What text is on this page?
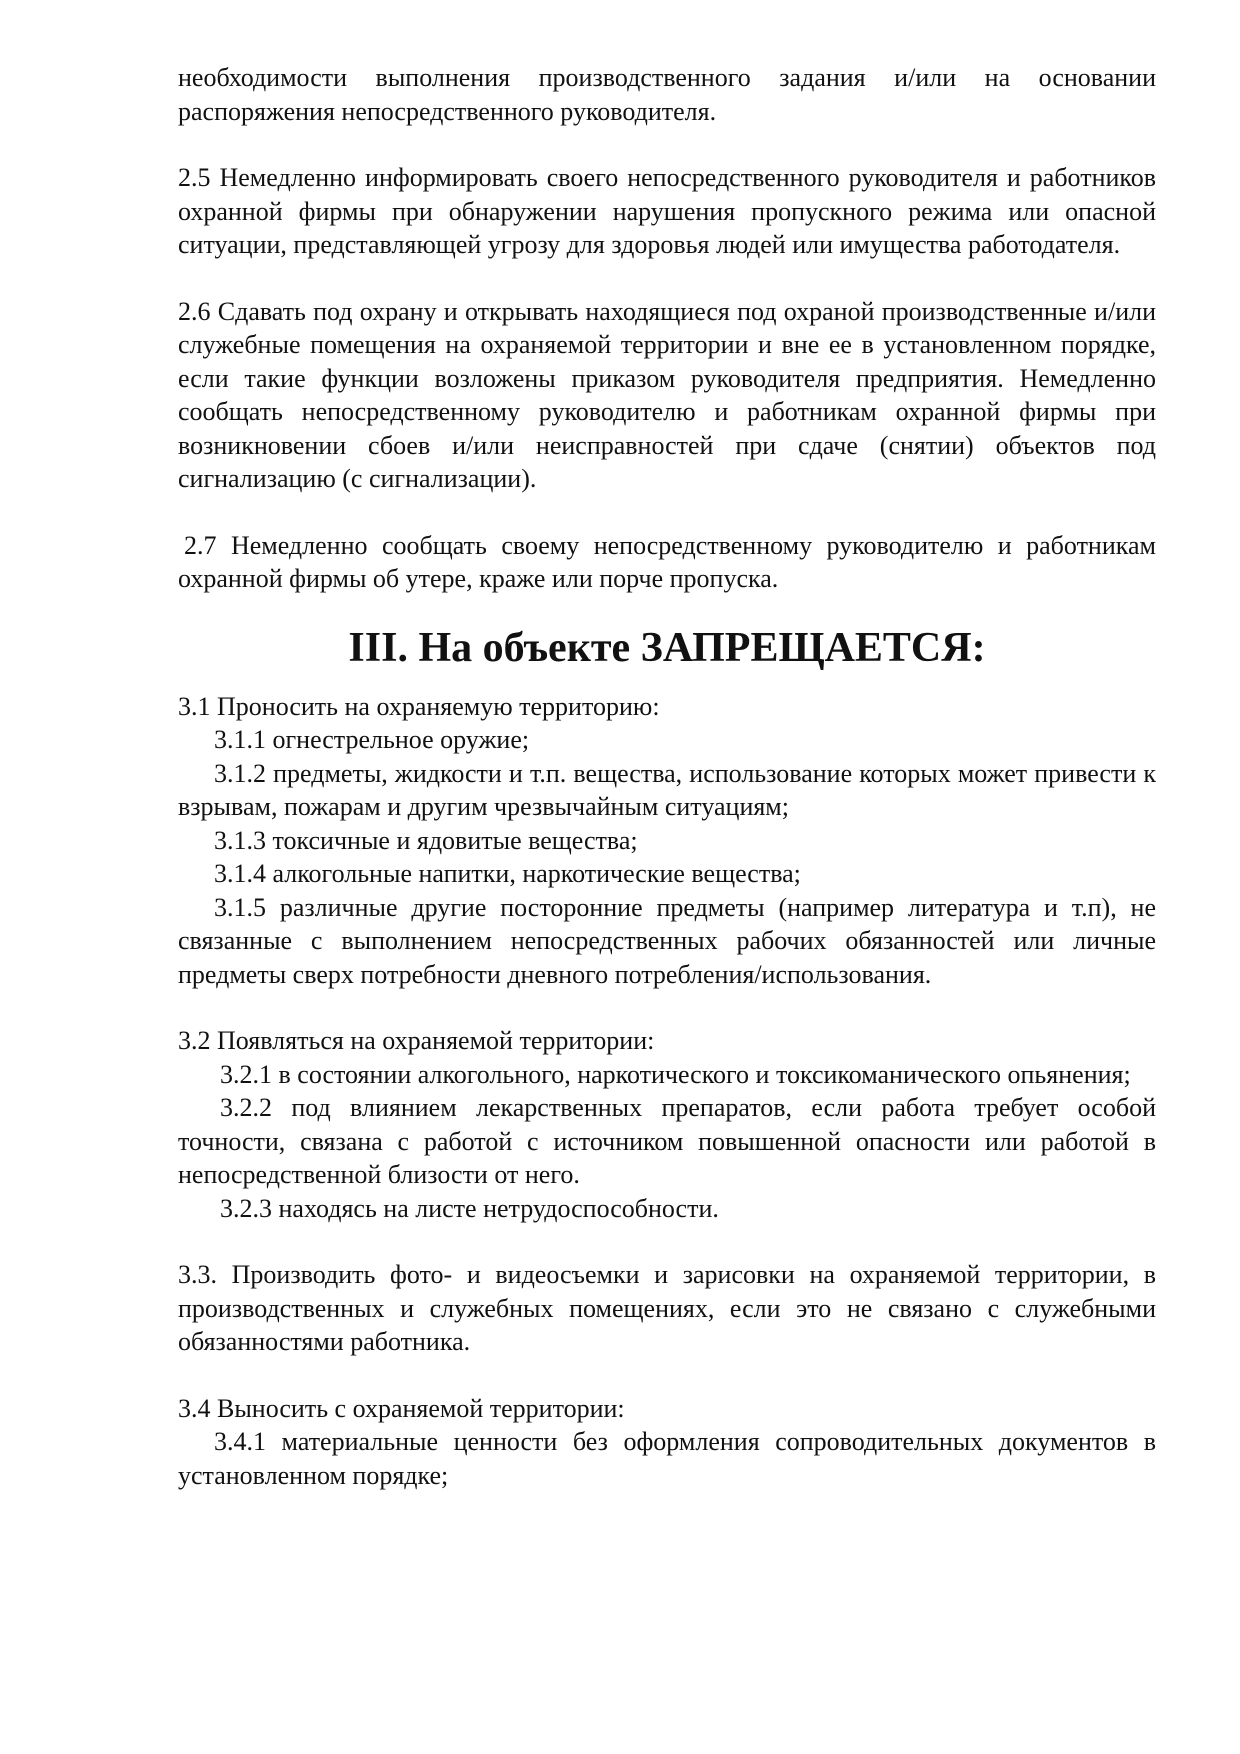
необходимости выполнения производственного задания и/или на основании распоряжения непосредственного руководителя.

2.5 Немедленно информировать своего непосредственного руководителя и работников охранной фирмы при обнаружении нарушения пропускного режима или опасной ситуации, представляющей угрозу для здоровья людей или имущества работодателя.

2.6 Сдавать под охрану и открывать находящиеся под охраной производственные и/или служебные помещения на охраняемой территории и вне ее в установленном порядке, если такие функции возложены приказом руководителя предприятия. Немедленно сообщать непосредственному руководителю и работникам охранной фирмы при возникновении сбоев и/или неисправностей при сдаче (снятии) объектов под сигнализацию (с сигнализации).

2.7 Немедленно сообщать своему непосредственному руководителю и работникам охранной фирмы об утере, краже или порче пропуска.

III. На объекте ЗАПРЕЩАЕТСЯ:

3.1 Проносить на охраняемую территорию:

3.1.1 огнестрельное оружие;

3.1.2 предметы, жидкости и т.п. вещества, использование которых может привести к взрывам, пожарам и другим чрезвычайным ситуациям;

3.1.3 токсичные и ядовитые вещества;

3.1.4 алкогольные напитки, наркотические вещества;

3.1.5 различные другие посторонние предметы (например литература и т.п), не связанные с выполнением непосредственных рабочих обязанностей или личные предметы сверх потребности дневного потребления/использования.

3.2 Появляться на охраняемой территории:

3.2.1 в состоянии алкогольного, наркотического и токсикоманического опьянения;

3.2.2 под влиянием лекарственных препаратов, если работа требует особой точности, связана с работой с источником повышенной опасности или работой в непосредственной близости от него.

3.2.3 находясь на листе нетрудоспособности.

3.3. Производить фото- и видеосъемки и зарисовки на охраняемой территории, в производственных и служебных помещениях, если это не связано с служебными обязанностями работника.

3.4 Выносить с охраняемой территории:

3.4.1 материальные ценности без оформления сопроводительных документов в установленном порядке;
